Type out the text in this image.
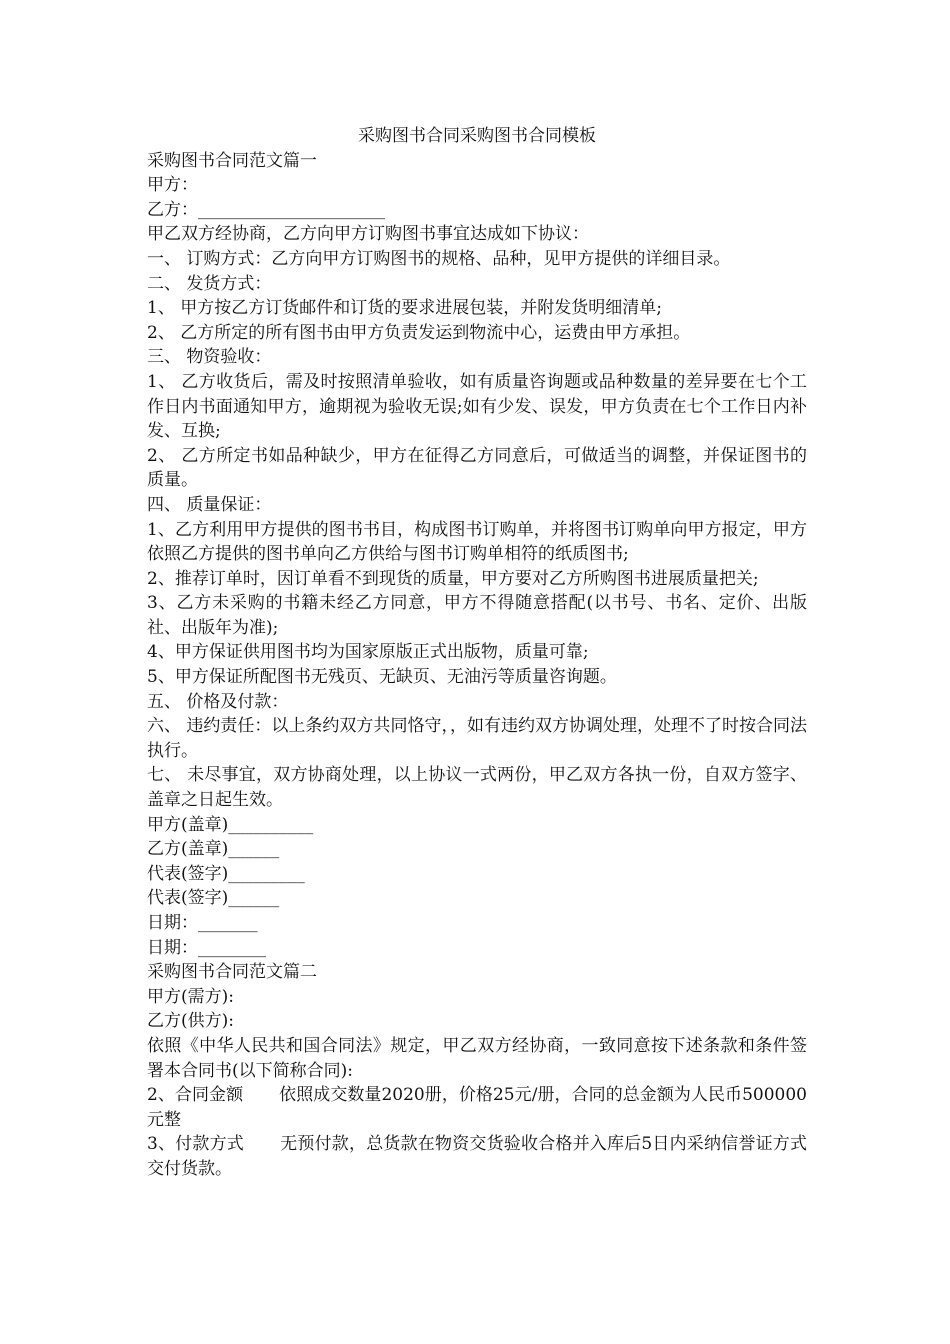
采购图书合同采购图书合同模板

采购图书合同范文篇一

甲方：

乙方：______________________

甲乙双方经协商，乙方向甲方订购图书事宜达成如下协议：

一、 订购方式：乙方向甲方订购图书的规格、品种，见甲方提供的详细目录。

二、 发货方式：

1、 甲方按乙方订货邮件和订货的要求进展包装，并附发货明细清单;

2、 乙方所定的所有图书由甲方负责发运到物流中心，运费由甲方承担。

三、 物资验收：

1、 乙方收货后，需及时按照清单验收，如有质量咨询题或品种数量的差异要在七个工作日内书面通知甲方，逾期视为验收无误;如有少发、误发，甲方负责在七个工作日内补发、互换;

2、 乙方所定书如品种缺少，甲方在征得乙方同意后，可做适当的调整，并保证图书的质量。

四、 质量保证：

1、乙方利用甲方提供的图书书目，构成图书订购单，并将图书订购单向甲方报定，甲方依照乙方提供的图书单向乙方供给与图书订购单相符的纸质图书;

2、推荐订单时，因订单看不到现货的质量，甲方要对乙方所购图书进展质量把关;

3、乙方未采购的书籍未经乙方同意，甲方不得随意搭配(以书号、书名、定价、出版社、出版年为准);

4、甲方保证供用图书均为国家原版正式出版物，质量可靠;

5、甲方保证所配图书无残页、无缺页、无油污等质量咨询题。

五、 价格及付款：

六、 违约责任：以上条约双方共同恪守，，如有违约双方协调处理，处理不了时按合同法执行。

七、 未尽事宜，双方协商处理，以上协议一式两份，甲乙双方各执一份，自双方签字、盖章之日起生效。

甲方(盖章)__________

乙方(盖章)______

代表(签字)_________

代表(签字)______

日期：_______

日期：________

采购图书合同范文篇二

甲方(需方):

乙方(供方):

依照《中华人民共和国合同法》规定，甲乙双方经协商，一致同意按下述条款和条件签署本合同书(以下简称合同):

2、合同金额 依照成交数量2020册，价格25元/册，合同的总金额为人民币500000元整

3、付款方式 无预付款，总货款在物资交货验收合格并入库后5日内采纳信誉证方式交付货款。
